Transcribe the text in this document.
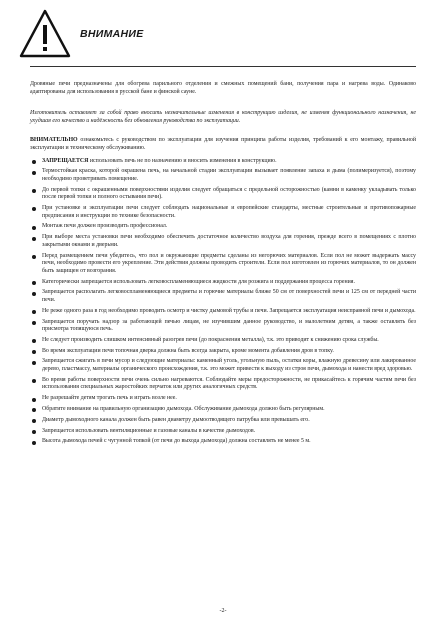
ВНИМАНИЕ

Дровяные печи предназначены для обогрева парильного отделения и смежных помещений бани, получения пара и нагрева воды. Одинаково адаптированы для использования в русской бане и финской сауне.

Изготовитель оставляет за собой право вносить незначительные изменения в конструкцию изделия, не изменяя функционального назначения, не ухудшая его качество и надёжность без обновления руководства по эксплуатации.

ВНИМАТЕЛЬНО ознакомьтесь с руководством по эксплуатации для изучения принципа работы изделия, требований к его монтажу, правильной эксплуатации и техническому обслуживанию.

ЗАПРЕЩАЕТСЯ использовать печь не по назначению и вносить изменения в конструкцию.
Термостойкая краска, которой окрашена печь, на начальной стадии эксплуатации вызывает появление запаха и дыма (полимеризуется), поэтому необходимо проветривать помещение.
До первой топки с окрашенными поверхностями изделия следует обращаться с предельной осторожностью (камни в каменку укладывать только после первой топки и полного остывания печи).
При установке и эксплуатации печи следует соблюдать национальные и европейские стандарты, местные строительные и противопожарные предписания и инструкции по технике безопасности.
Монтаж печи должен производить профессионал.
При выборе места установки печи необходимо обеспечить достаточное количество воздуха для горения, прежде всего в помещениях с плотно закрытыми окнами и дверьми.
Перед размещением печи убедитесь, что пол и окружающие предметы сделаны из негорючих материалов. Если пол не может выдержать массу печи, необходимо провести его укрепление. Эти действия должны проводить строители. Если пол изготовлен из горючих материалов, то он должен быть защищен от возгорания.
Категорически запрещается использовать легковоспламеняющиеся жидкости для розжига и поддержания процесса горения.
Запрещается располагать легковоспламеняющиеся предметы и горючие материалы ближе 50 см от поверхностей печи и 125 см от передней части печи.
Не реже одного раза в год необходимо проводить осмотр и чистку дымовой трубы и печи. Запрещается эксплуатация неисправной печи и дымохода.
Запрещается поручать надзор за работающей печью лицам, не изучившим данное руководство, и малолетним детям, а также оставлять без присмотра топящуюся печь.
Не следует производить слишком интенсивный разогрев печи (до покраснения металла), т.к. это приводит к снижению срока службы.
Во время эксплуатации печи топочная дверка должна быть всегда закрыта, кроме момента добавления дров в топку.
Запрещается сжигать в печи мусор и следующие материалы: каменный уголь, угольную пыль, остатки коры, влажную древесину или лакированное дерево, пластмассу, материалы органического происхождения, т.к. это может привести к выходу из строя печи, дымохода и нанести вред здоровью.
Во время работы поверхности печи очень сильно нагреваются. Соблюдайте меры предосторожности, не прикасайтесь к горячим частям печи без использования специальных жаростойких перчаток или других аналогичных средств.
Не разрешайте детям трогать печь и играть возле нее.
Обратите внимание на правильную организацию дымохода. Обслуживание дымохода должно быть регулярным.
Диаметр дымоходного канала должен быть равен диаметру дымоотводящего патрубка или превышать его.
Запрещается использовать вентиляционные и газовые каналы в качестве дымоходов.
Высота дымохода печей с чугунной топкой (от печи до выхода дымохода) должна составлять не менее 5 м.
-2-
